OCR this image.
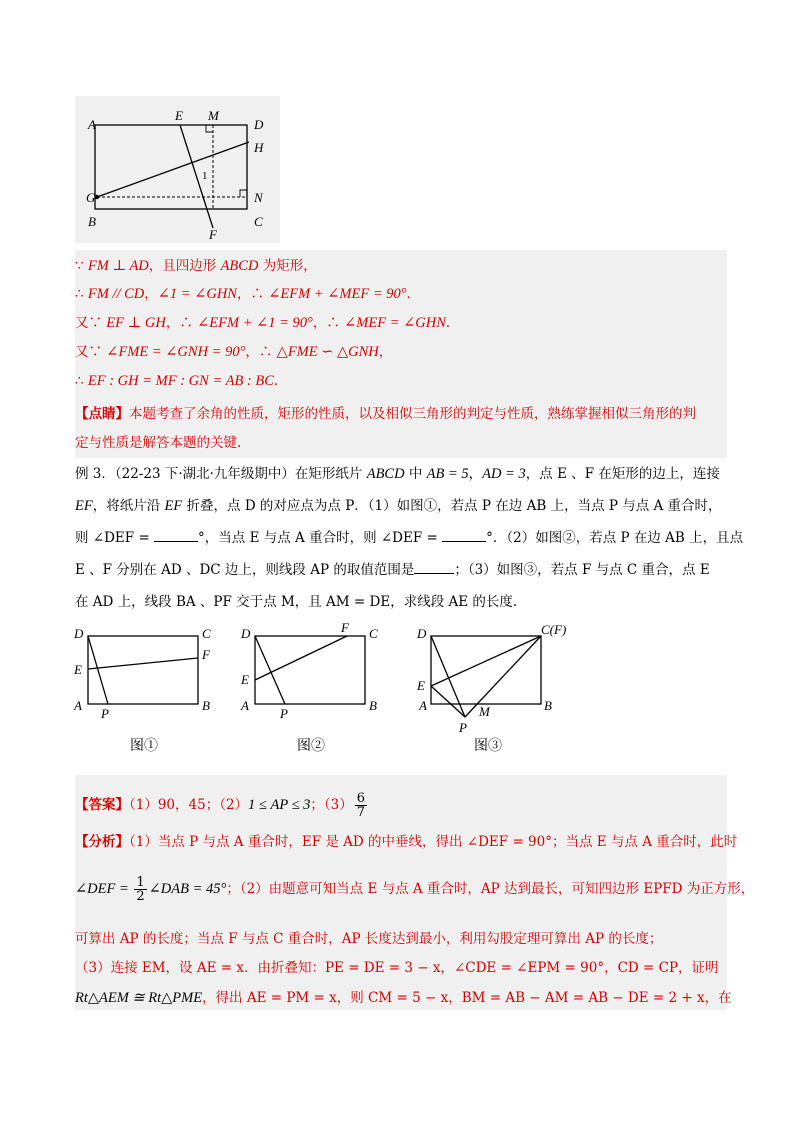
A
E M
D
H
1
G	N
B
F
C
∵ FM ⊥ AD，且四边形 ABCD 为矩形，
∴ FM // CD，∠1 = ∠GHN，∴ ∠EFM + ∠MEF = 90°．
又∵ EF ⊥ GH，∴ ∠EFM + ∠1 = 90°，∴ ∠MEF = ∠GHN．
又∵ ∠FME = ∠GNH = 90°，∴ △FME ∽ △GNH，
∴ EF : GH = MF : GN = AB : BC．
【点睛】本题考查了余角的性质，矩形的性质，以及相似三角形的判定与性质，熟练掌握相似三角形的判
定与性质是解答本题的关键.
例 3．（22-23 下·湖北·九年级期中）在矩形纸片 ABCD 中 AB = 5，AD = 3，点 E 、F 在矩形的边上，连接
EF，将纸片沿 EF 折叠，点 D 的对应点为点 P．（1）如图①，若点 P 在边 AB 上，当点 P 与点 A 重合时，
则 ∠DEF =	°，当点 E 与点 A 重合时，则 ∠DEF =	°．（2）如图②，若点 P 在边 AB 上，且点
E 、F 分别在 AD 、DC 边上，则线段 AP 的取值范围是	；（3）如图③，若点 F 与点 C 重合，点 E
在 AD 上，线段 BA 、PF 交于点 M，且 AM = DE，求线段 AE 的长度.
D	C
E
F
A
P
B
图①
D	F C
E
A
P
B
图②
D	C(F)
E
A	M	B
P
图③
【答案】（1）90，45；（2）1 ≤ AP ≤ 3；$(3) \frac{6}{7}$
【分析】（1）当点 P 与点 A 重合时，EF 是 AD 的中垂线，得出 ∠DEF = 90°；当点 E 与点 A 重合时，此时
∠DEF = $\frac{1}{2}$ ∠DAB = 45°；（2）由题意可知当点 E 与点 A 重合时，AP 达到最长，可知四边形 EPFD 为正方形，
可算出 AP 的长度；当点 F 与点 C 重合时，AP 长度达到最小，利用勾股定理可算出 AP 的长度；
（3）连接 EM，设 AE = x．由折叠知：PE = DE = 3 − x，∠CDE = ∠EPM = 90°，CD = CP，证明
Rt△AEM ≅ Rt△PME，得出 AE = PM = x，则 CM = 5 − x，BM = AB − AM = AB − DE = 2 + x，在
